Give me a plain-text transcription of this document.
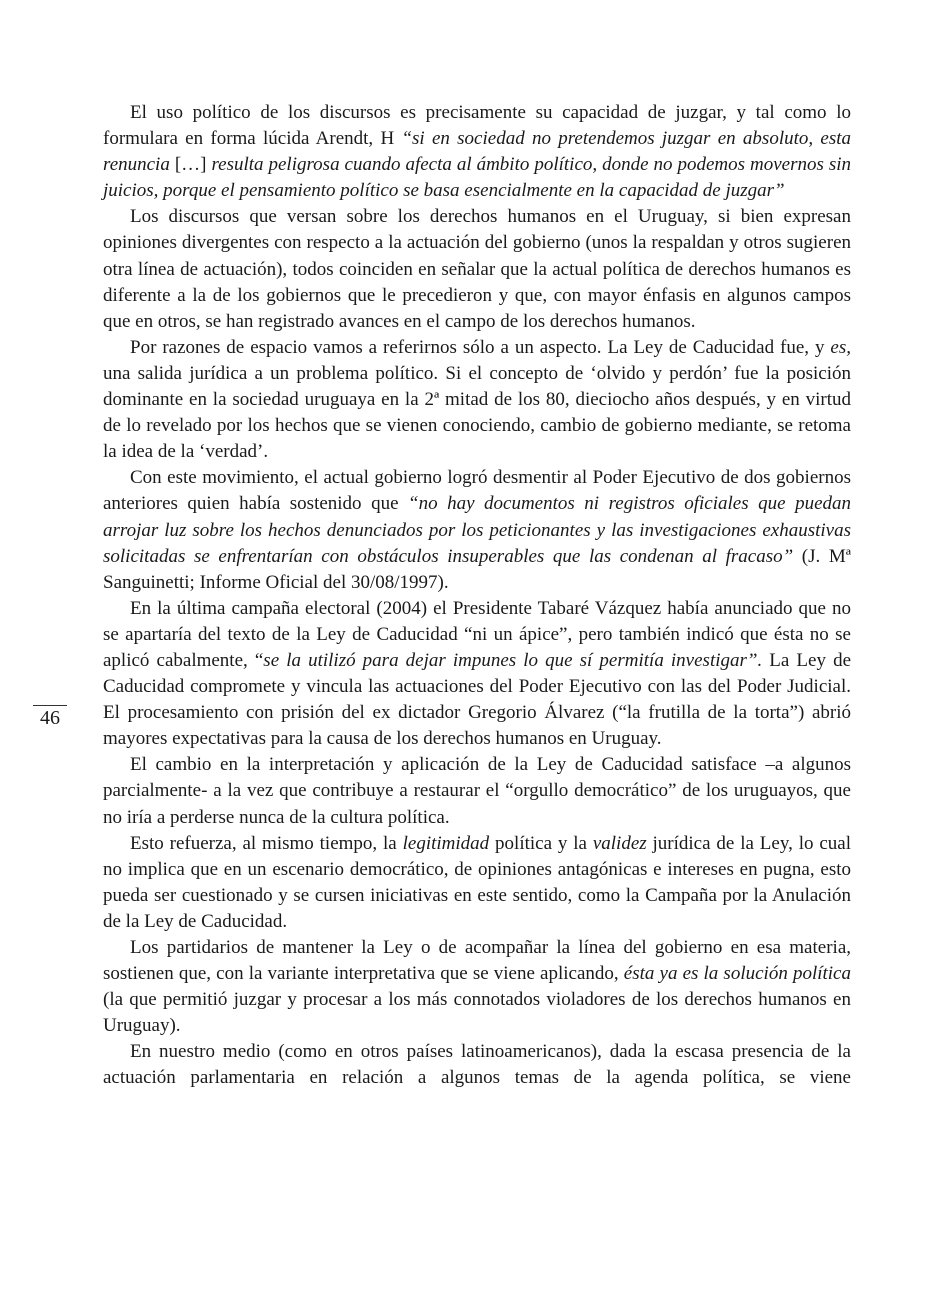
46

El uso político de los discursos es precisamente su capacidad de juzgar, y tal como lo formulara en forma lúcida Arendt, H “si en sociedad no pretendemos juzgar en absoluto, esta renuncia […] resulta peligrosa cuando afecta al ámbito político, donde no podemos movernos sin juicios, porque el pensamiento político se basa esencialmente en la capacidad de juzgar”

Los discursos que versan sobre los derechos humanos en el Uruguay, si bien expresan opiniones divergentes con respecto a la actuación del gobierno (unos la respaldan y otros sugieren otra línea de actuación), todos coinciden en señalar que la actual política de derechos humanos es diferente a la de los gobiernos que le precedieron y que, con mayor énfasis en algunos campos que en otros, se han registrado avances en el campo de los derechos humanos.

Por razones de espacio vamos a referirnos sólo a un aspecto. La Ley de Caducidad fue, y es, una salida jurídica a un problema político. Si el concepto de ‘olvido y perdón’ fue la posición dominante en la sociedad uruguaya en la 2ª mitad de los 80, dieciocho años después, y en virtud de lo revelado por los hechos que se vienen conociendo, cambio de gobierno mediante, se retoma la idea de la ‘verdad’.

Con este movimiento, el actual gobierno logró desmentir al Poder Ejecutivo de dos gobiernos anteriores quien había sostenido que “no hay documentos ni registros oficiales que puedan arrojar luz sobre los hechos denunciados por los peticionantes y las investigaciones exhaustivas solicitadas se enfrentarían con obstáculos insuperables que las condenan al fracaso” (J. Mª Sanguinetti; Informe Oficial del 30/08/1997).

En la última campaña electoral (2004) el Presidente Tabaré Vázquez había anunciado que no se apartaría del texto de la Ley de Caducidad “ni un ápice”, pero también indicó que ésta no se aplicó cabalmente, “se la utilizó para dejar impunes lo que sí permitía investigar”. La Ley de Caducidad compromete y vincula las actuaciones del Poder Ejecutivo con las del Poder Judicial. El procesamiento con prisión del ex dictador Gregorio Álvarez (“la frutilla de la torta”) abrió mayores expectativas para la causa de los derechos humanos en Uruguay.

El cambio en la interpretación y aplicación de la Ley de Caducidad satisface –a algunos parcialmente- a la vez que contribuye a restaurar el “orgullo democrático” de los uruguayos, que no iría a perderse nunca de la cultura política.

Esto refuerza, al mismo tiempo, la legitimidad política y la validez jurídica de la Ley, lo cual no implica que en un escenario democrático, de opiniones antagónicas e intereses en pugna, esto pueda ser cuestionado y se cursen iniciativas en este sentido, como la Campaña por la Anulación de la Ley de Caducidad.

Los partidarios de mantener la Ley o de acompañar la línea del gobierno en esa materia, sostienen que, con la variante interpretativa que se viene aplicando, ésta ya es la solución política (la que permitió juzgar y procesar a los más connotados violadores de los derechos humanos en Uruguay).

En nuestro medio (como en otros países latinoamericanos), dada la escasa presencia de la actuación parlamentaria en relación a algunos temas de la agenda política, se viene
